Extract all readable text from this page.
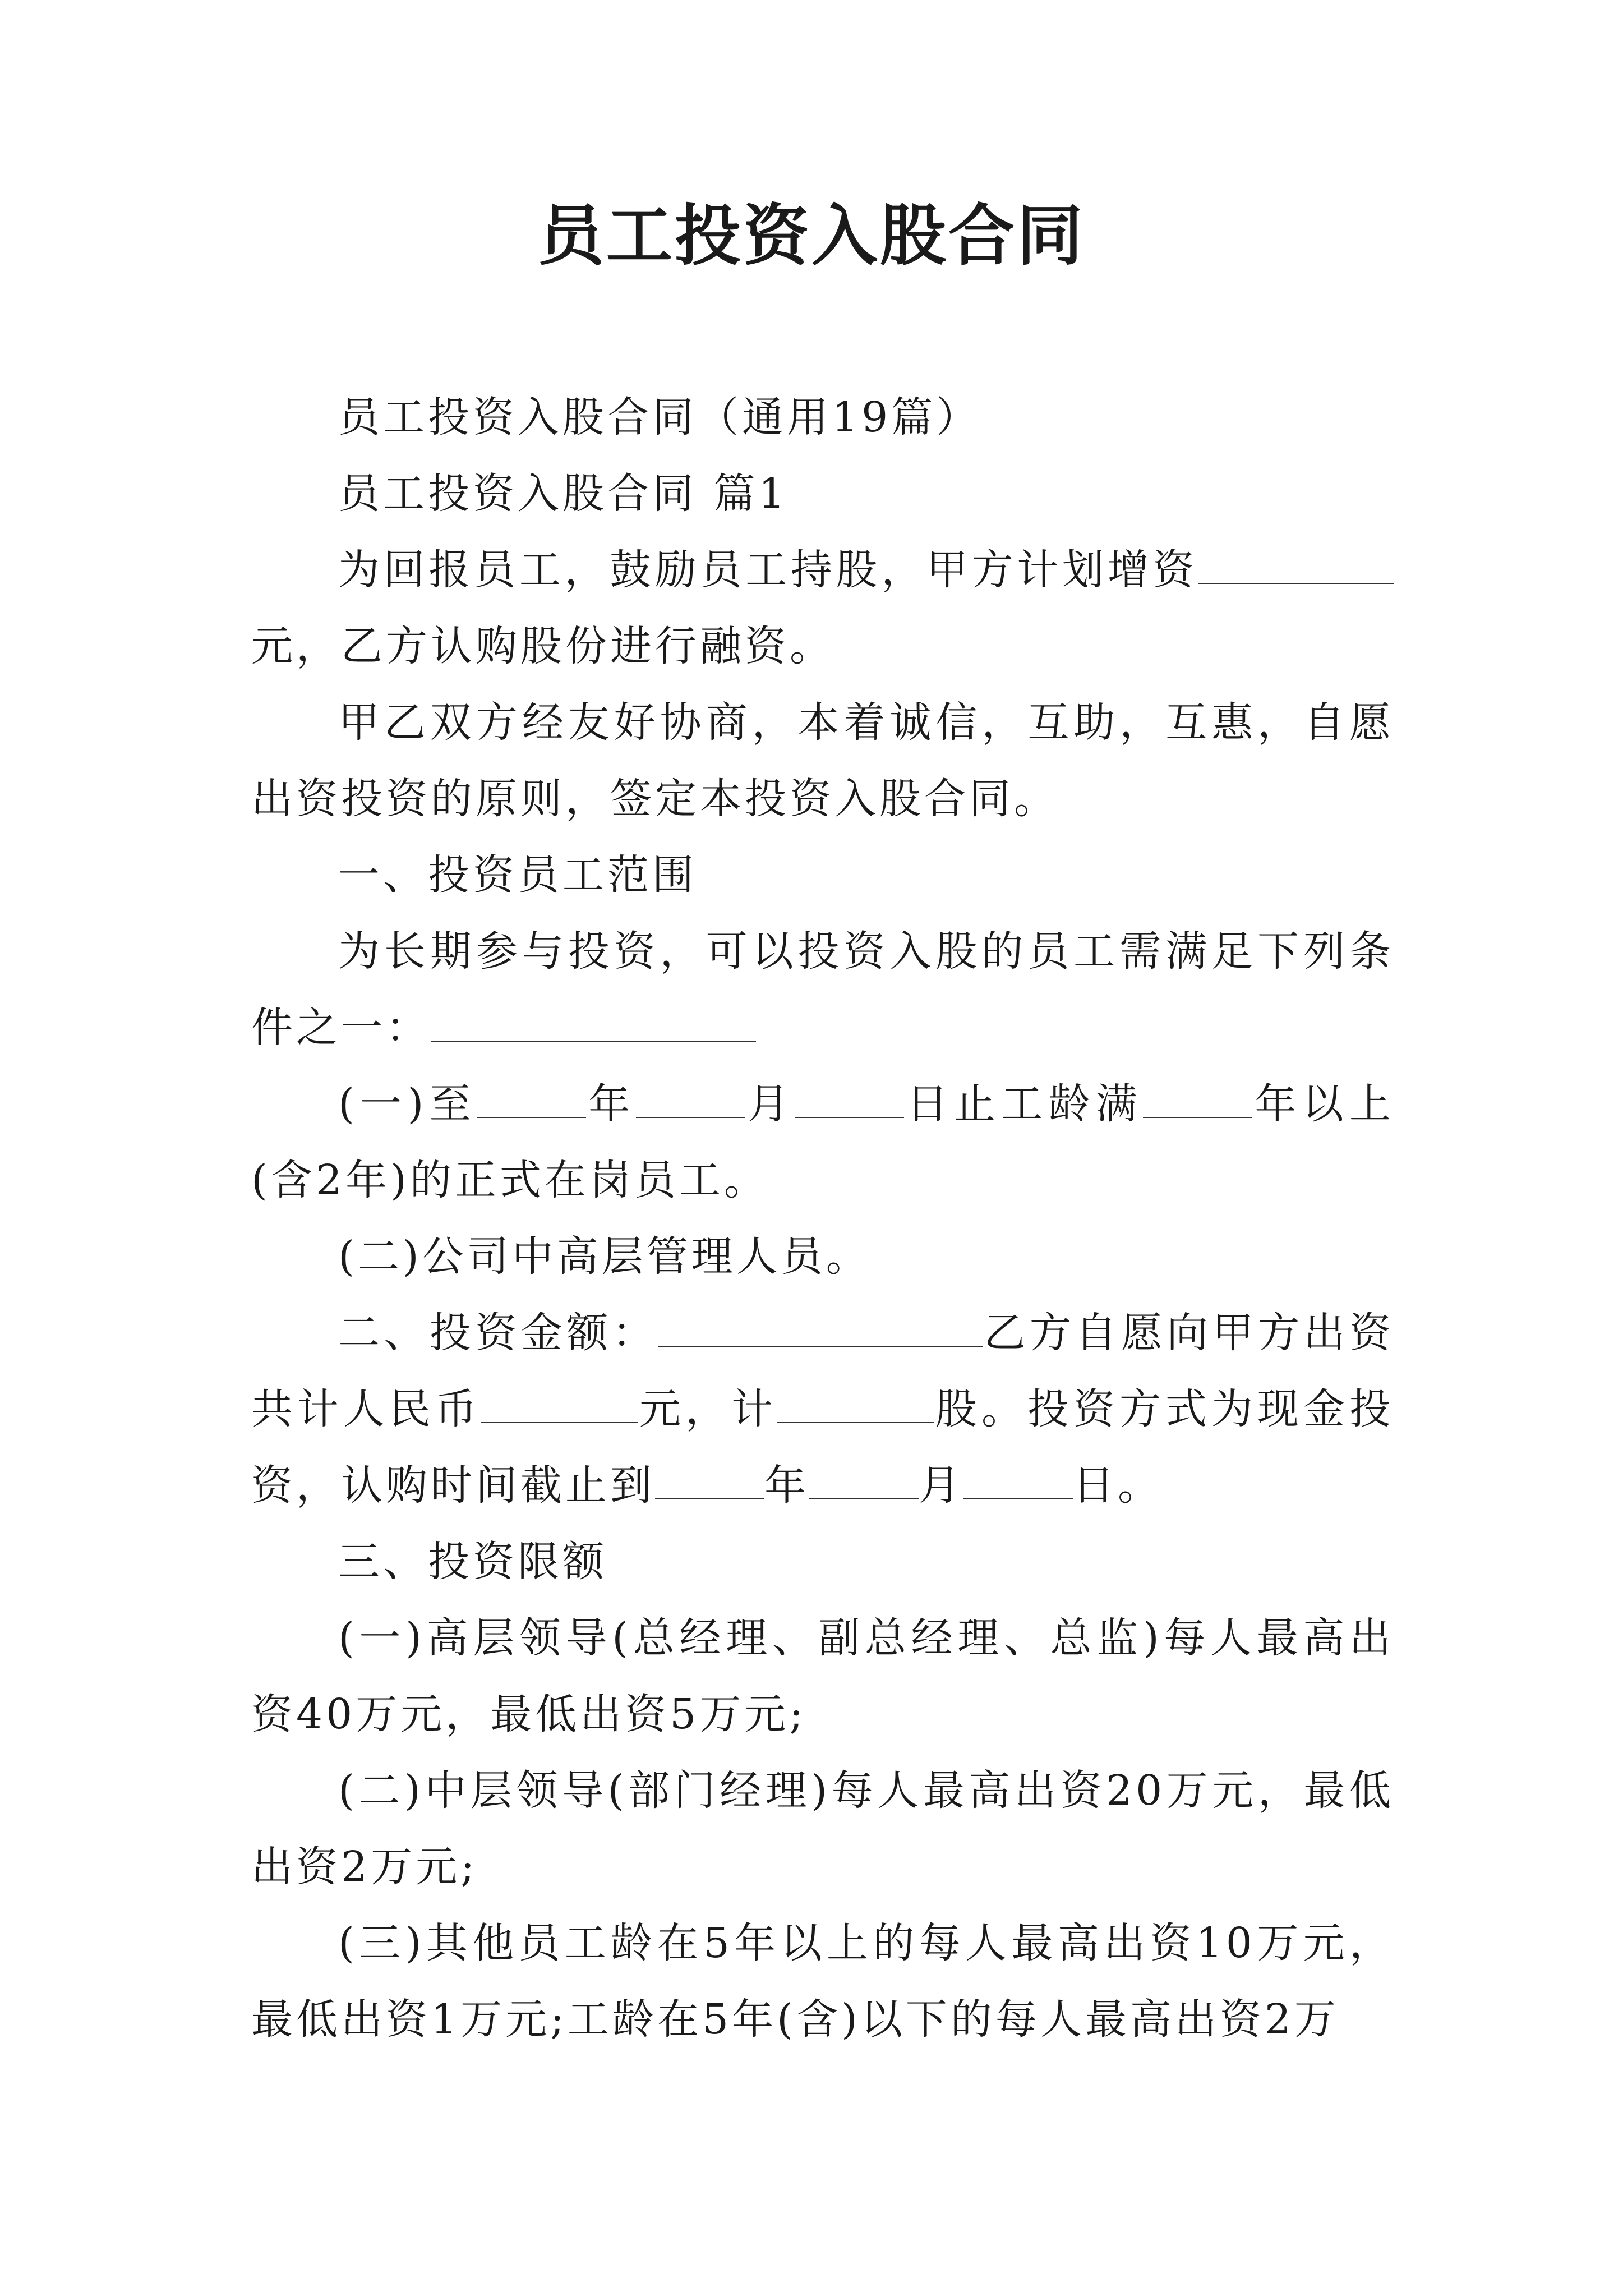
员工投资入股合同

员工投资入股合同（通用19篇）

员工投资入股合同 篇1

为回报员工，鼓励员工持股，甲方计划增资元，乙方认购股份进行融资。

甲乙双方经友好协商，本着诚信，互助，互惠，自愿出资投资的原则，签定本投资入股合同。

一、投资员工范围

为长期参与投资，可以投资入股的员工需满足下列条件之一：

(一)至	年	月	日止工龄满	年以上(含2年)的正式在岗员工。

(二)公司中高层管理人员。

二、投资金额：	乙方自愿向甲方出资共计人民币	元，计	股。投资方式为现金投资，认购时间截止到	年	月	日。

三、投资限额

(一)高层领导(总经理、副总经理、总监)每人最高出资40万元，最低出资5万元;

(二)中层领导(部门经理)每人最高出资20万元，最低出资2万元;

(三)其他员工龄在5年以上的每人最高出资10万元，最低出资1万元;工龄在5年(含)以下的每人最高出资2万
